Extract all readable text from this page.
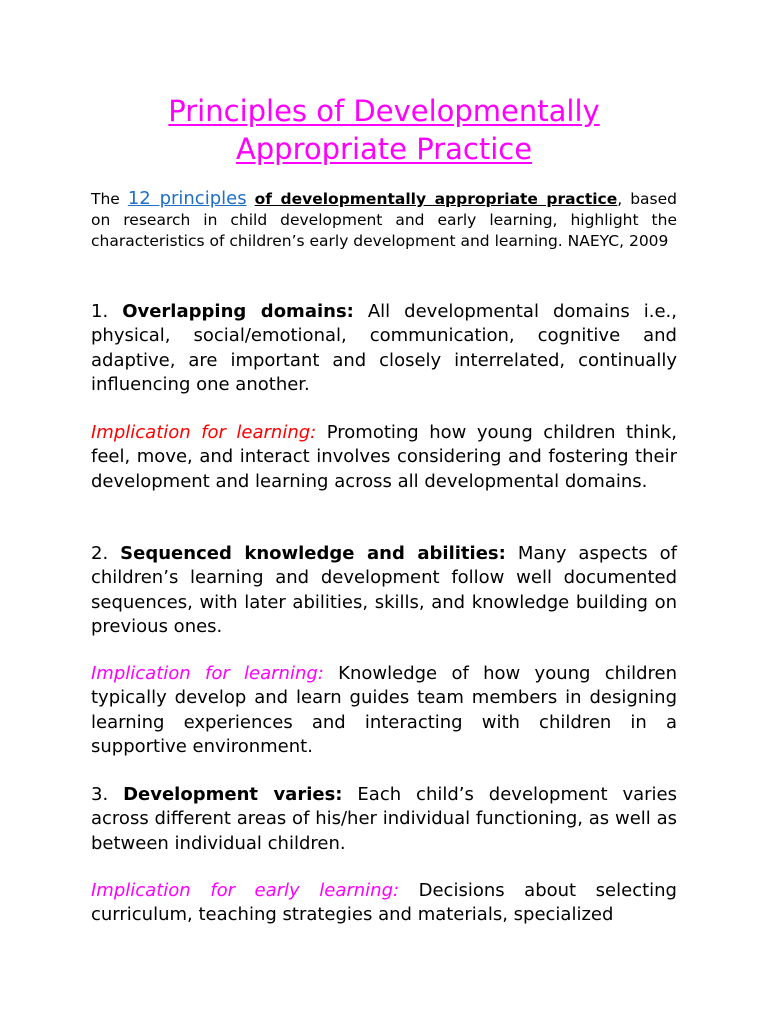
Principles of Developmentally
Appropriate Practice

The 12 principles of developmentally appropriate practice, based on research in child development and early learning, highlight the characteristics of children’s early development and learning. NAEYC, 2009

1. Overlapping domains: All developmental domains i.e., physical, social/emotional, communication, cognitive and adaptive, are important and closely interrelated, continually influencing one another.

Implication for learning: Promoting how young children think, feel, move, and interact involves considering and fostering their development and learning across all developmental domains.

2. Sequenced knowledge and abilities: Many aspects of children’s learning and development follow well documented sequences, with later abilities, skills, and knowledge building on previous ones.

Implication for learning: Knowledge of how young children typically develop and learn guides team members in designing learning experiences and interacting with children in a supportive environment.

3. Development varies: Each child’s development varies across different areas of his/her individual functioning, as well as between individual children.

Implication for early learning: Decisions about selecting curriculum, teaching strategies and materials, specialized
